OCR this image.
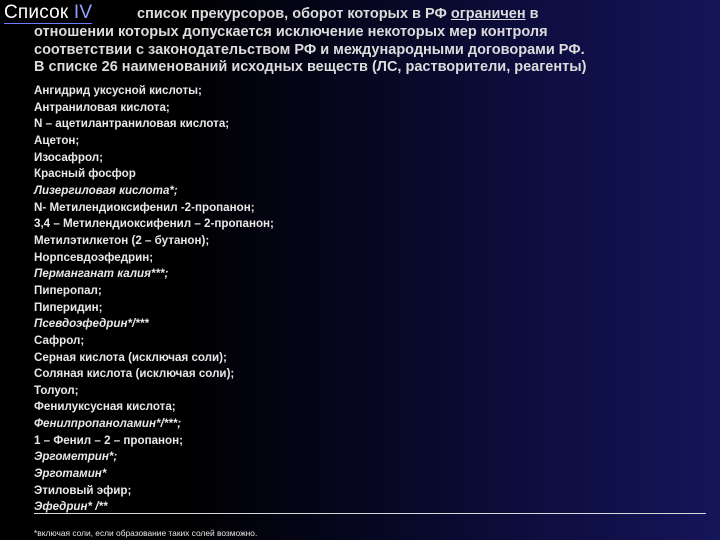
Список IV	список прекурсоров, оборот которых в РФ ограничен в
отношении которых допускается исключение некоторых мер контроля
соответствии с законодательством РФ и международными договорами РФ.
В списке 26 наименований исходных веществ (ЛС, растворители, реагенты)
Ангидрид уксусной кислоты;
Антраниловая кислота;
N – ацетилантраниловая кислота;
Ацетон;
Изосафрол;
Красный фосфор
Лизергиловая кислота*;
N- Метилендиоксифенил -2-пропанон;
3,4 – Метилендиоксифенил – 2-пропанон;
Метилэтилкетон (2 – бутанон);
Норпсевдоэфедрин;
Перманганат калия***;
Пиперопал;
Пиперидин;
Псевдоэфедрин*/***
Сафрол;
Серная кислота (исключая соли);
Соляная кислота (исключая соли);
Толуол;
Фенилуксусная кислота;
Фенилпропаноламин*/***;
1 – Фенил – 2 – пропанон;
Эргометрин*;
Эрготамин*
Этиловый эфир;
Эфедрин* /**
*включая соли, если образование таких солей возможно.
